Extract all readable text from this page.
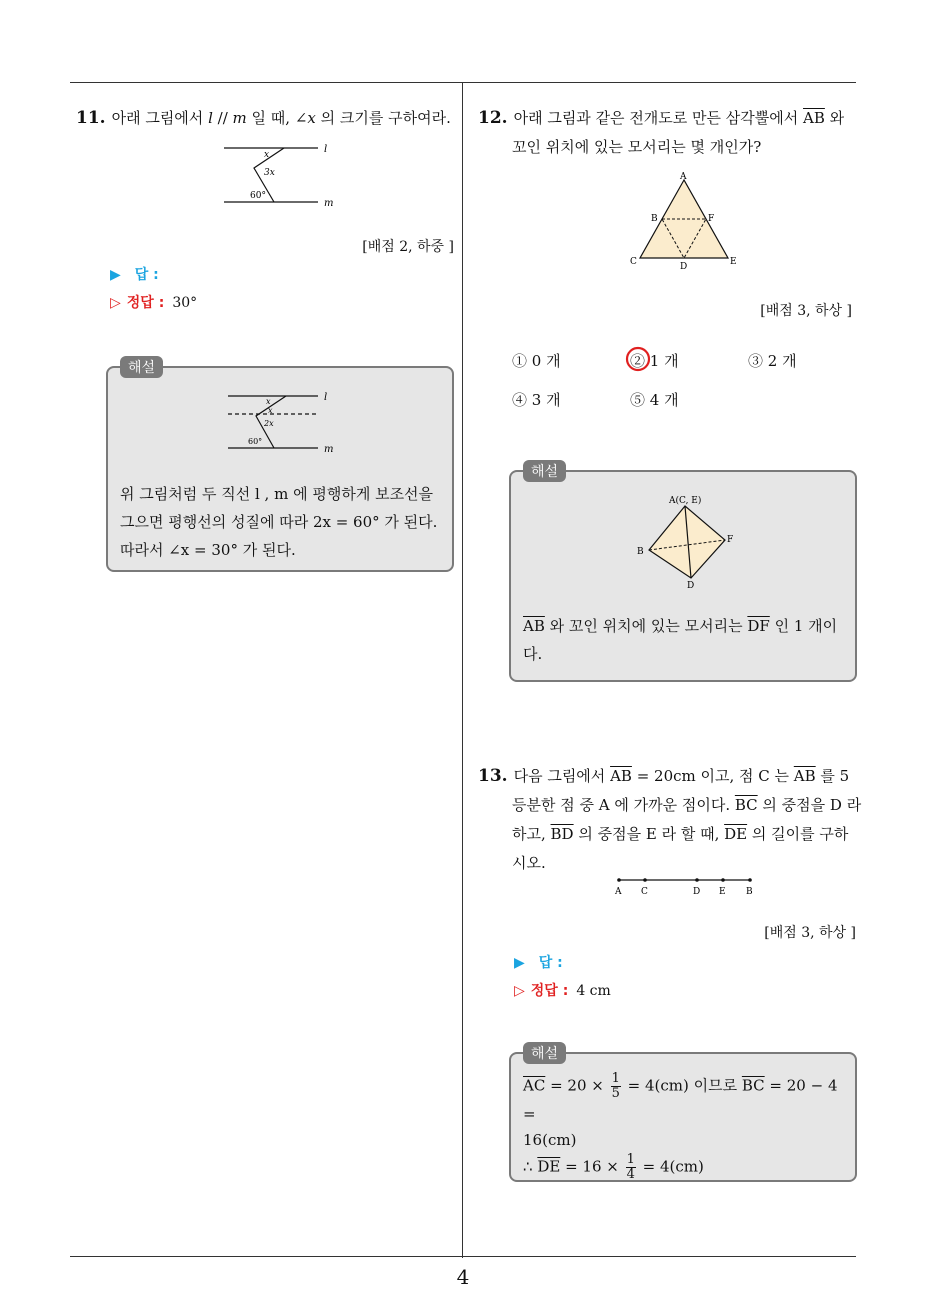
4
11. 아래 그림에서 l // m 일 때, ∠x 의 크기를 구하여라.
l
m
x
3x
60°
[배점 2, 하중 ]
▶ 답 :
▷ 정답 : 30°
해설
l
m
x
x
2x
60°
위 그림처럼 두 직선 l , m 에 평행하게 보조선을
그으면 평행선의 성질에 따라 2x = 60° 가 된다.
따라서 ∠x = 30° 가 된다.
12. 아래 그림과 같은 전개도로 만든 삼각뿔에서 $\overline{AB}$ 와
꼬인 위치에 있는 모서리는 몇 개인가?
A
B	F
C	D	E
[배점 3, 하상 ]
① 0 개	② 1 개	③ 2 개
④ 3 개	⑤ 4 개
해설
A(C, E)
B
F
D
$\overline{AB}$ 와 꼬인 위치에 있는 모서리는 $\overline{DF}$ 인 1 개이
다.
13. 다음 그림에서 $\overline{AB} = 20cm$ 이고, 점 C 는 $\overline{AB}$ 를 5
등분한 점 중 A 에 가까운 점이다. $\overline{BC}$ 의 중점을 D 라
하고, $\overline{BD}$ 의 중점을 E 라 할 때, $\overline{DE}$ 의 길이를 구하
시오.
A C	D E B
[배점 3, 하상 ]
▶ 답 :
▷ 정답 : 4 cm
해설
$\overline{AC} = 20 \times \frac{1}{5} = 4(cm)$ 이므로 $\overline{BC} = 20 - 4$ =
16(cm)
∴ $\overline{DE} = 16 \times \frac{1}{4} = 4(cm)$
